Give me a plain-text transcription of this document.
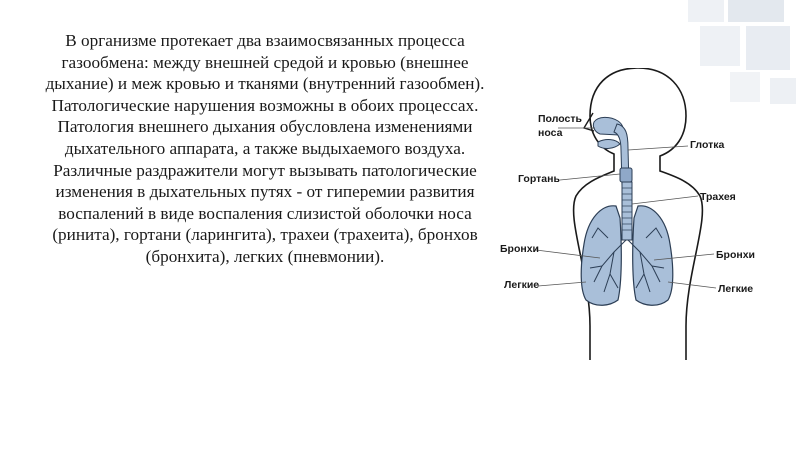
В организме протекает два взаимосвязанных процесса газообмена: между внешней средой и кровью (внешнее дыхание) и меж кровью и тканями (внутренний газообмен). Патологические нарушения возможны в обоих процессах. Патология внешнего дыхания обусловлена изменениями дыхательного аппарата, а также выдыхаемого воздуха. Различные раздражители могут вызывать патологические изменения в дыхательных путях - от гиперемии развития воспалений в виде воспаления слизистой оболочки носа (ринита), гортани (ларингита), трахеи (трахеита), бронхов (бронхита), легких (пневмонии).

Полость
носа
Глотка
Гортань
Трахея
Бронхи	Бронхи
Легкие	Легкие
